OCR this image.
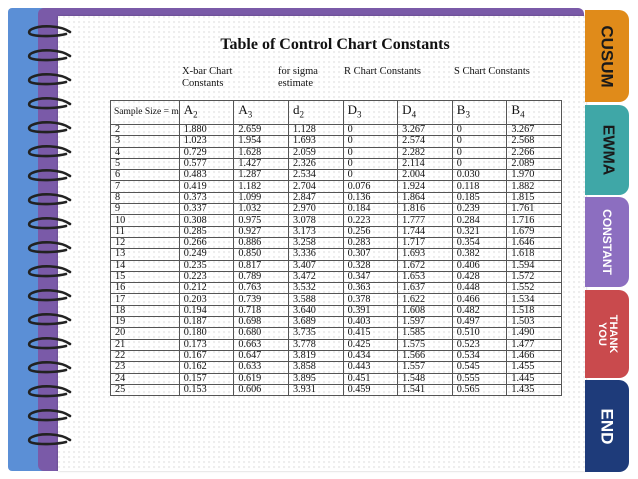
CUSUM
EWMA
CONSTANT
THANK YOU
END
Table of Control Chart Constants
X-bar Chart Constants
for sigma estimate
R Chart Constants	S Chart Constants
Sample Size = m	$A_2$	$A_3$	$d_2$	$D_3$	$D_4$	$B_3$	$B_4$
2	1.880	2.659	1.128	0	3.267	0	3.267
3	1.023	1.954	1.693	0	2.574	0	2.568
4	0.729	1.628	2.059	0	2.282	0	2.266
5	0.577	1.427	2.326	0	2.114	0	2.089
6	0.483	1.287	2.534	0	2.004	0.030	1.970
7	0.419	1.182	2.704	0.076	1.924	0.118	1.882
8	0.373	1.099	2.847	0.136	1.864	0.185	1.815
9	0.337	1.032	2.970	0.184	1.816	0.239	1.761
10	0.308	0.975	3.078	0.223	1.777	0.284	1.716
11	0.285	0.927	3.173	0.256	1.744	0.321	1.679
12	0.266	0.886	3.258	0.283	1.717	0.354	1.646
13	0.249	0.850	3.336	0.307	1.693	0.382	1.618
14	0.235	0.817	3.407	0.328	1.672	0.406	1.594
15	0.223	0.789	3.472	0.347	1.653	0.428	1.572
16	0.212	0.763	3.532	0.363	1.637	0.448	1.552
17	0.203	0.739	3.588	0.378	1.622	0.466	1.534
18	0.194	0.718	3.640	0.391	1.608	0.482	1.518
19	0.187	0.698	3.689	0.403	1.597	0.497	1.503
20	0.180	0.680	3.735	0.415	1.585	0.510	1.490
21	0.173	0.663	3.778	0.425	1.575	0.523	1.477
22	0.167	0.647	3.819	0.434	1.566	0.534	1.466
23	0.162	0.633	3.858	0.443	1.557	0.545	1.455
24	0.157	0.619	3.895	0.451	1.548	0.555	1.445
25	0.153	0.606	3.931	0.459	1.541	0.565	1.435
